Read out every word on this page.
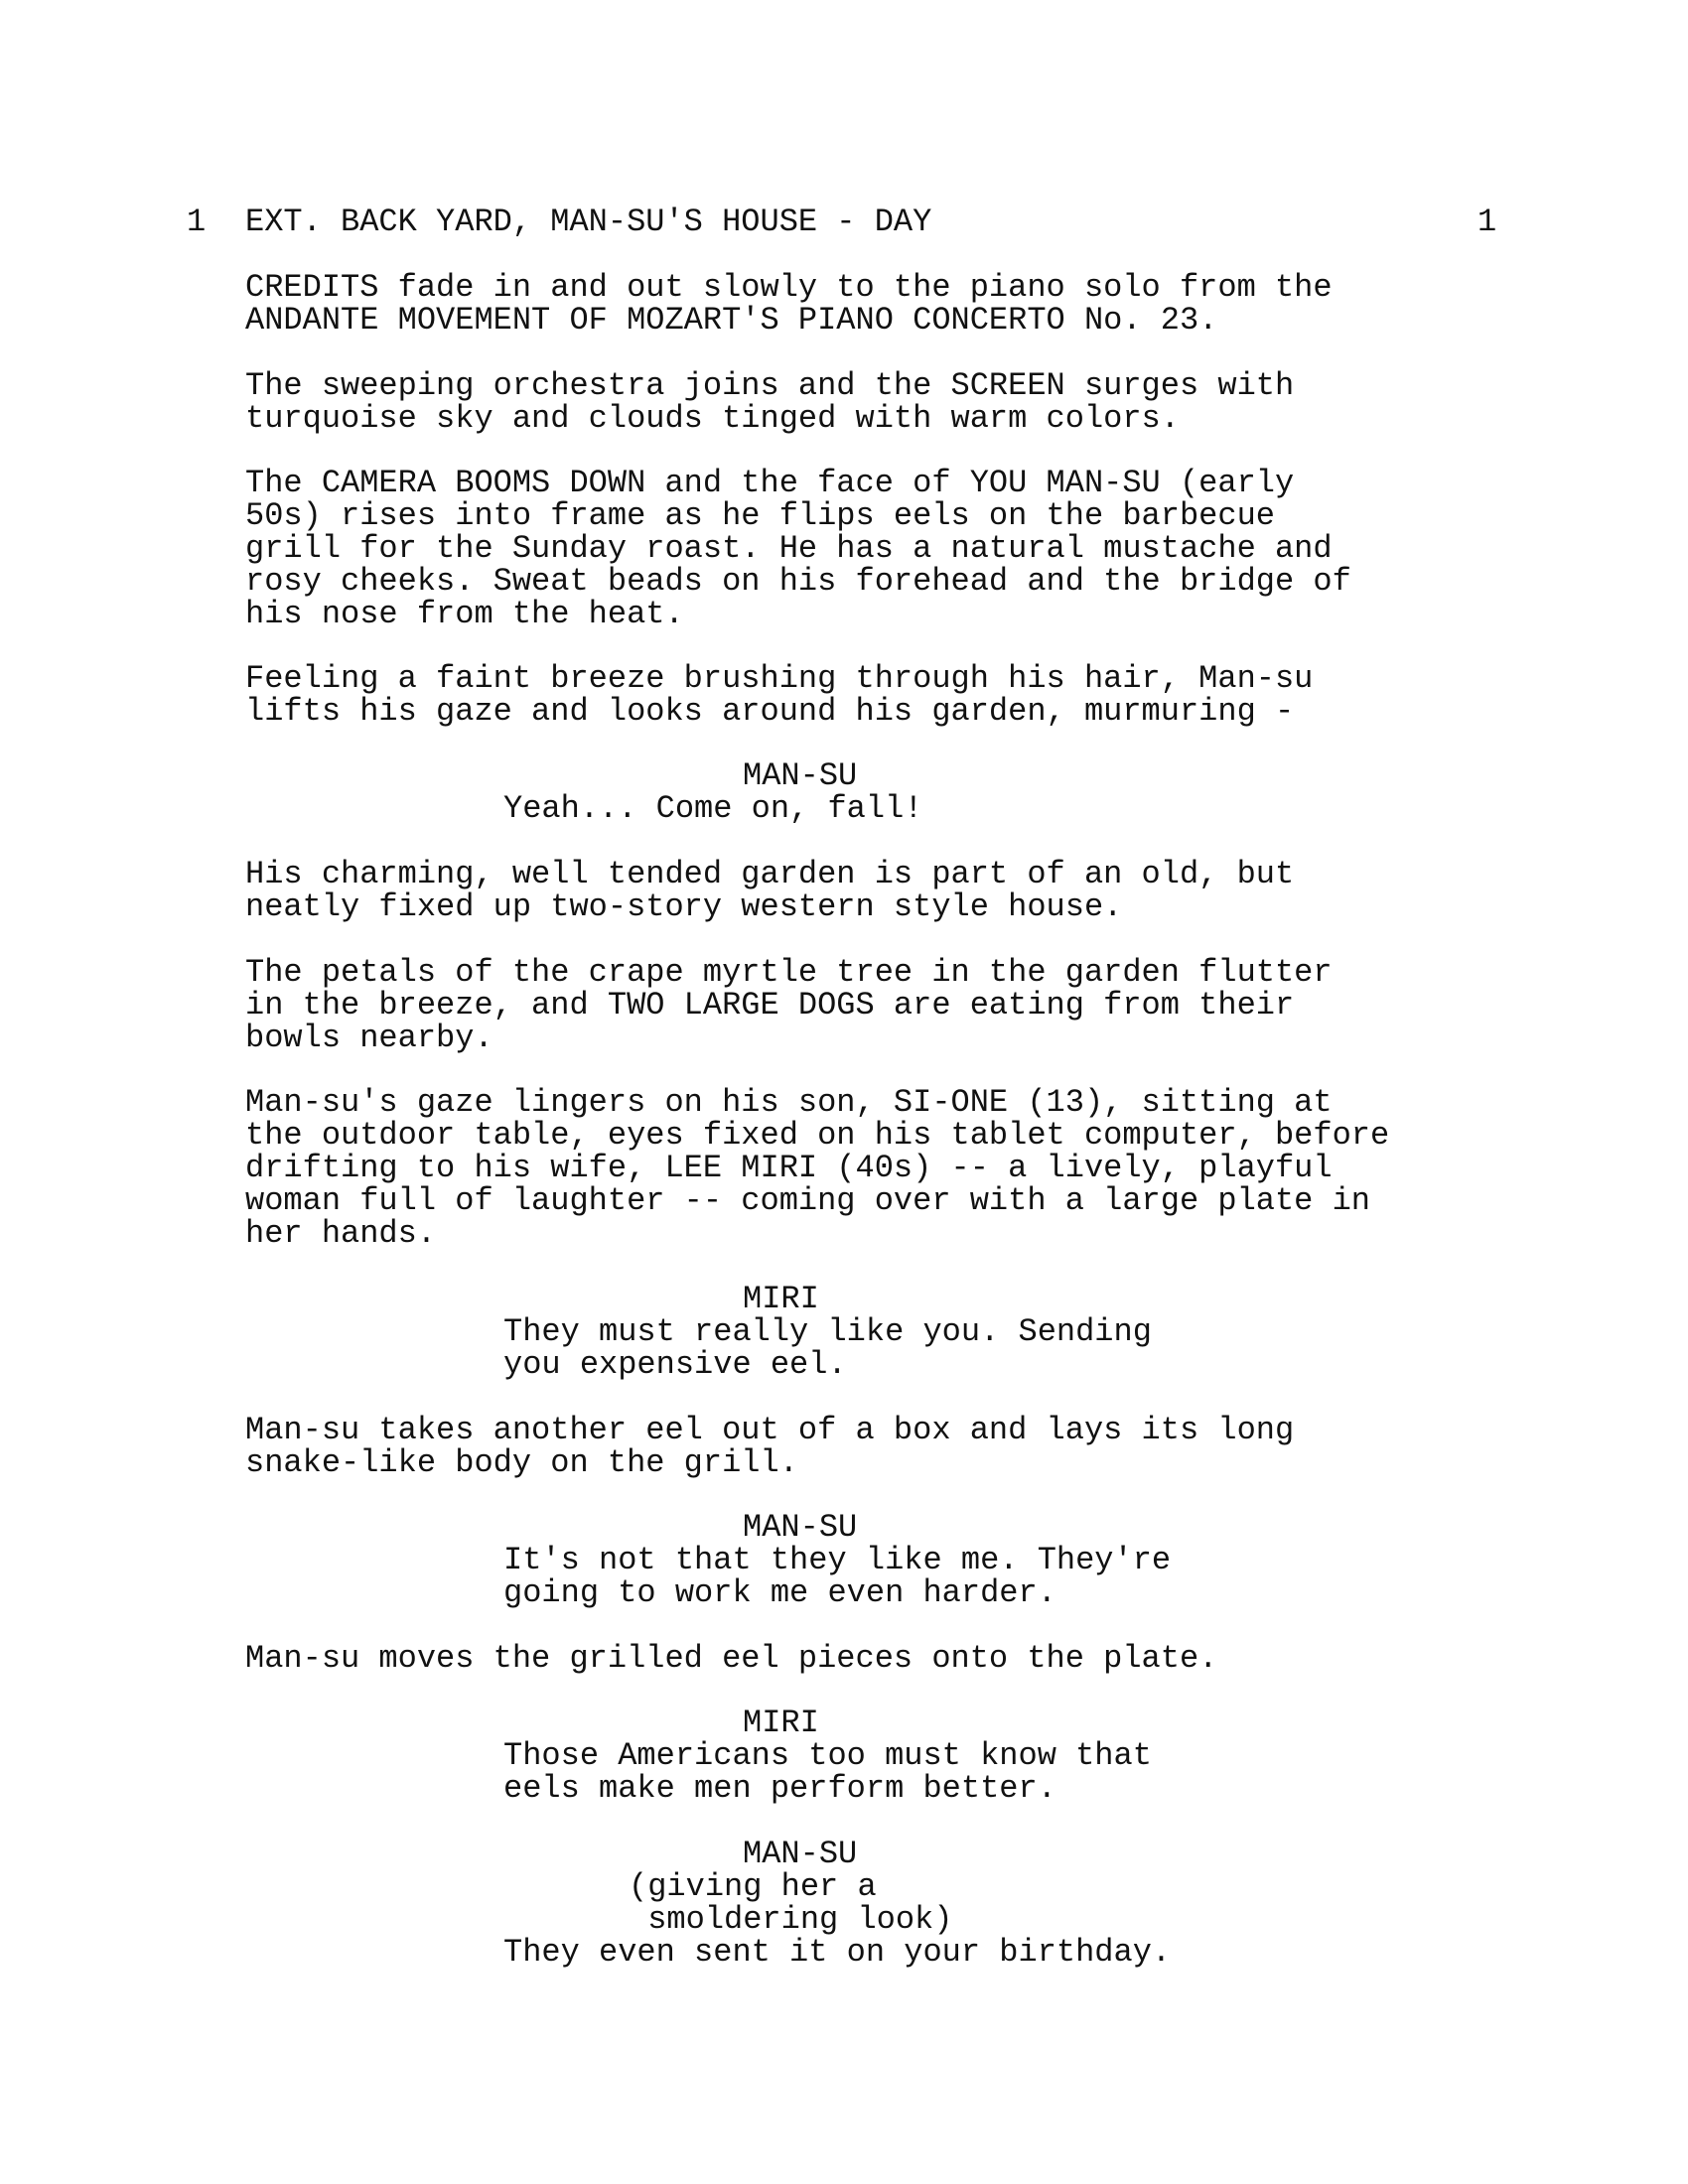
1 EXT. BACK YARD, MAN-SU'S HOUSE - DAY	1
CREDITS fade in and out slowly to the piano solo from the
ANDANTE MOVEMENT OF MOZART'S PIANO CONCERTO No. 23.
The sweeping orchestra joins and the SCREEN surges with
turquoise sky and clouds tinged with warm colors.
The CAMERA BOOMS DOWN and the face of YOU MAN-SU (early
50s) rises into frame as he flips eels on the barbecue
grill for the Sunday roast. He has a natural mustache and
rosy cheeks. Sweat beads on his forehead and the bridge of
his nose from the heat.
Feeling a faint breeze brushing through his hair, Man-su
lifts his gaze and looks around his garden, murmuring -
MAN-SU
Yeah... Come on, fall!
His charming, well tended garden is part of an old, but
neatly fixed up two-story western style house.
The petals of the crape myrtle tree in the garden flutter
in the breeze, and TWO LARGE DOGS are eating from their
bowls nearby.
Man-su's gaze lingers on his son, SI-ONE (13), sitting at
the outdoor table, eyes fixed on his tablet computer, before
drifting to his wife, LEE MIRI (40s) -- a lively, playful
woman full of laughter -- coming over with a large plate in
her hands.
MIRI
They must really like you. Sending
you expensive eel.
Man-su takes another eel out of a box and lays its long
snake-like body on the grill.
MAN-SU
It's not that they like me. They're
going to work me even harder.
Man-su moves the grilled eel pieces onto the plate.
MIRI
Those Americans too must know that
eels make men perform better.
MAN-SU
(giving her a
smoldering look)
They even sent it on your birthday.
